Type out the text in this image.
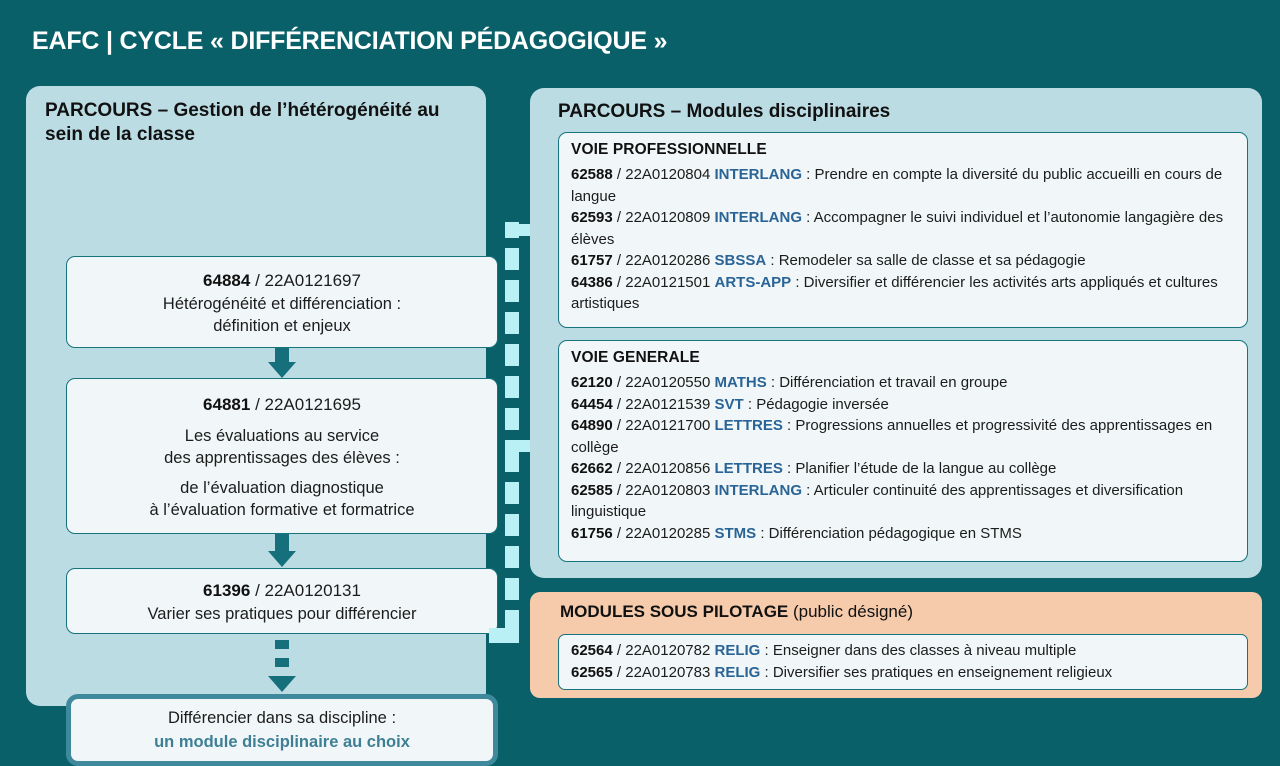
EAFC | CYCLE « DIFFÉRENCIATION PÉDAGOGIQUE »
PARCOURS – Gestion de l’hétérogénéité au sein de la classe
64884 / 22A0121697
Hétérogénéité et différenciation :
définition et enjeux
64881 / 22A0121695
Les évaluations au service
des apprentissages des élèves :
de l’évaluation diagnostique
à l’évaluation formative et formatrice
61396 / 22A0120131
Varier ses pratiques pour différencier
Différencier dans sa discipline :
un module disciplinaire au choix
PARCOURS – Modules disciplinaires
VOIE PROFESSIONNELLE
62588 / 22A0120804 INTERLANG : Prendre en compte la diversité du public accueilli en cours de langue
62593 / 22A0120809 INTERLANG : Accompagner le suivi individuel et l’autonomie langagière des élèves
61757 / 22A0120286 SBSSA : Remodeler sa salle de classe et sa pédagogie
64386 / 22A0121501 ARTS-APP : Diversifier et différencier les activités arts appliqués et cultures artistiques
VOIE GENERALE
62120 / 22A0120550 MATHS : Différenciation et travail en groupe
64454 / 22A0121539 SVT : Pédagogie inversée
64890 / 22A0121700 LETTRES : Progressions annuelles et progressivité des apprentissages en collège
62662 / 22A0120856 LETTRES : Planifier l’étude de la langue au collège
62585 / 22A0120803 INTERLANG : Articuler continuité des apprentissages et diversification linguistique
61756 / 22A0120285 STMS : Différenciation pédagogique en STMS
MODULES SOUS PILOTAGE (public désigné)
62564 / 22A0120782 RELIG : Enseigner dans des classes à niveau multiple
62565 / 22A0120783 RELIG : Diversifier ses pratiques en enseignement religieux
